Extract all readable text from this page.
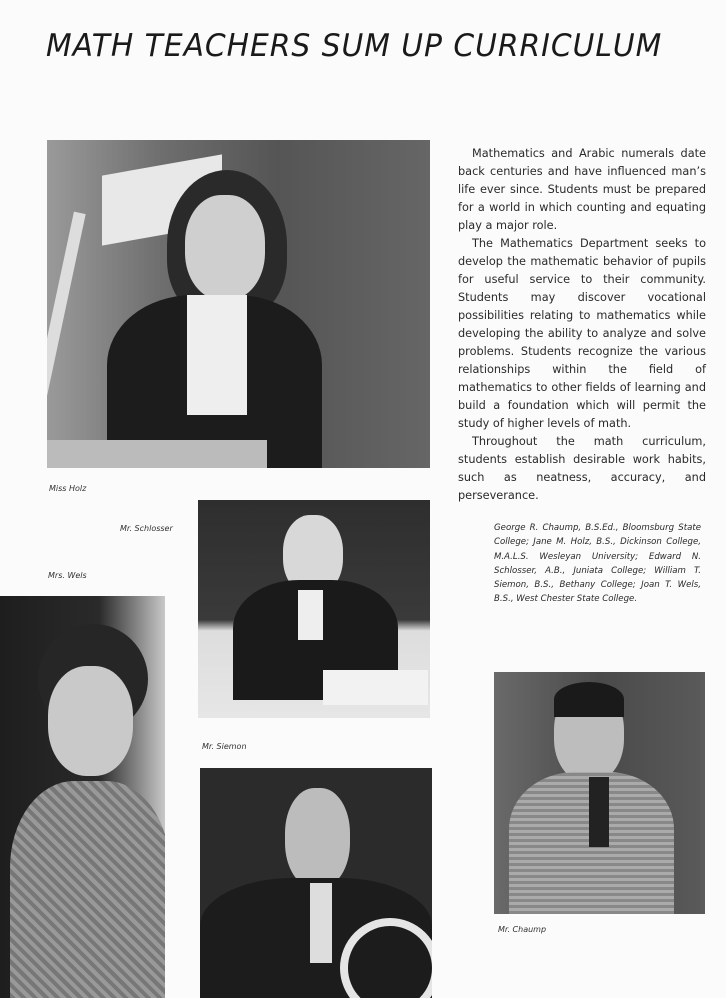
MATH TEACHERS SUM UP CURRICULUM
Miss Holz
Mr. Schlosser
Mrs. Wels
Mr. Siemon
Mr. Chaump

Mathematics and Arabic numerals date back centuries and have influenced man’s life ever since. Students must be prepared for a world in which counting and equating play a major role.

The Mathematics Department seeks to develop the mathematic behavior of pupils for useful service to their community. Students may discover vocational possibilities relating to mathematics while developing the ability to analyze and solve problems. Students recognize the various relationships within the field of mathematics to other fields of learning and build a foundation which will permit the study of higher levels of math.

Throughout the math curriculum, students establish desirable work habits, such as neatness, accuracy, and perseverance.

George R. Chaump, B.S.Ed., Bloomsburg State College; Jane M. Holz, B.S., Dickinson College, M.A.L.S. Wesleyan University; Edward N. Schlosser, A.B., Juniata College; William T. Siemon, B.S., Bethany College; Joan T. Wels, B.S., West Chester State College.
